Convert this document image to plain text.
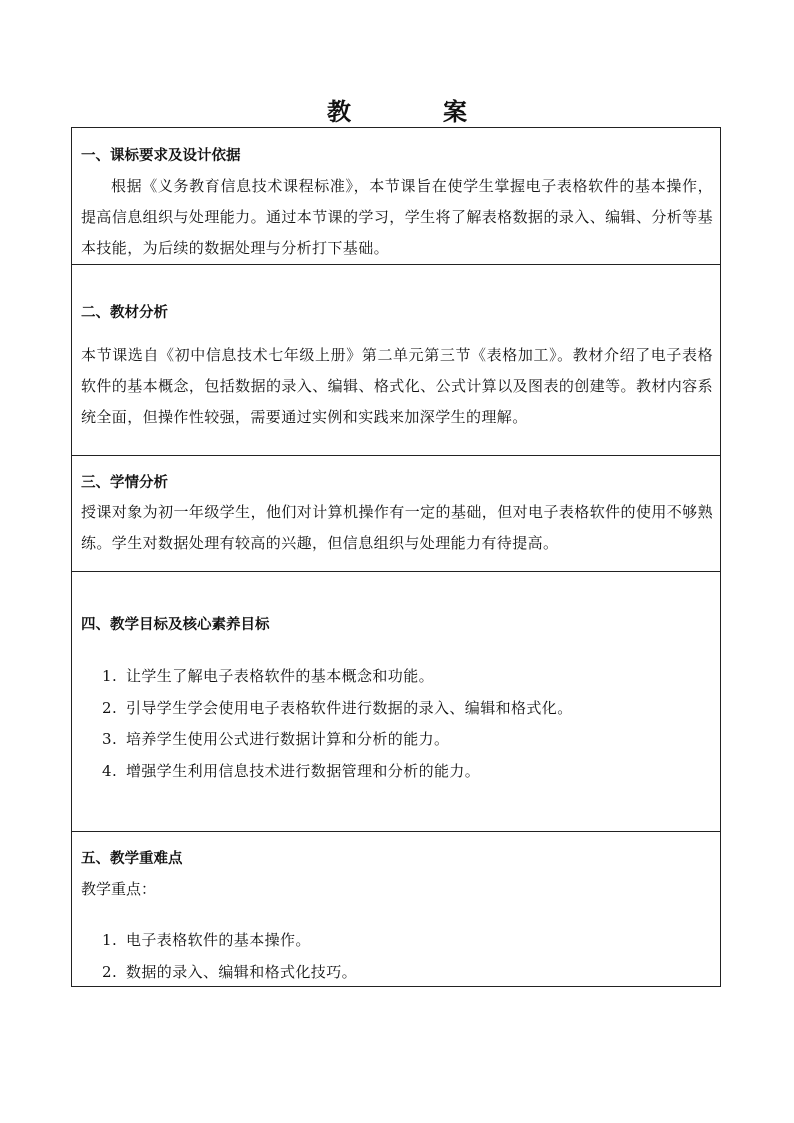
教　案

一、课标要求及设计依据

根据《义务教育信息技术课程标准》，本节课旨在使学生掌握电子表格软件的基本操作，提高信息组织与处理能力。通过本节课的学习，学生将了解表格数据的录入、编辑、分析等基本技能，为后续的数据处理与分析打下基础。

二、教材分析

本节课选自《初中信息技术七年级上册》第二单元第三节《表格加工》。教材介绍了电子表格软件的基本概念，包括数据的录入、编辑、格式化、公式计算以及图表的创建等。教材内容系统全面，但操作性较强，需要通过实例和实践来加深学生的理解。

三、学情分析

授课对象为初一年级学生，他们对计算机操作有一定的基础，但对电子表格软件的使用不够熟练。学生对数据处理有较高的兴趣，但信息组织与处理能力有待提高。

四、教学目标及核心素养目标

1. 让学生了解电子表格软件的基本概念和功能。
2. 引导学生学会使用电子表格软件进行数据的录入、编辑和格式化。
3. 培养学生使用公式进行数据计算和分析的能力。
4. 增强学生利用信息技术进行数据管理和分析的能力。

五、教学重难点

教学重点：

1. 电子表格软件的基本操作。
2. 数据的录入、编辑和格式化技巧。
